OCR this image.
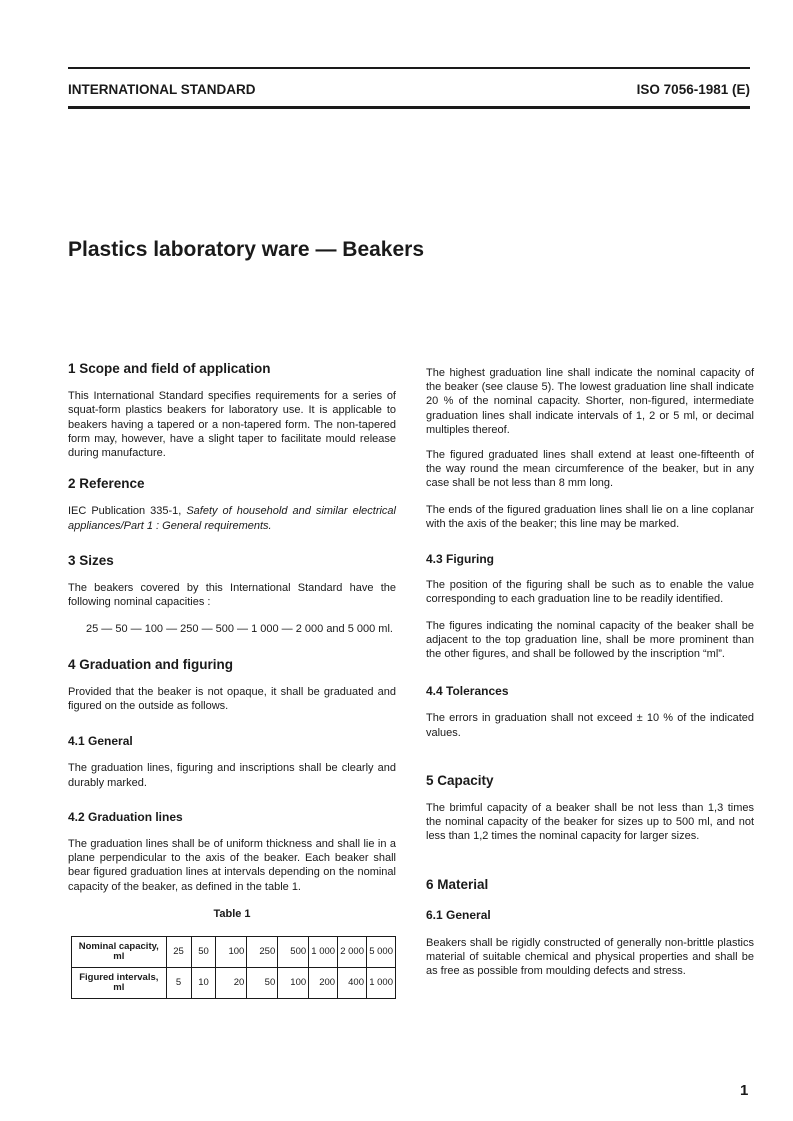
INTERNATIONAL STANDARD	ISO 7056-1981 (E)
Plastics laboratory ware — Beakers
1 Scope and field of application

This International Standard specifies requirements for a series of squat-form plastics beakers for laboratory use. It is applicable to beakers having a tapered or a non-tapered form. The non-tapered form may, however, have a slight taper to facilitate mould release during manufacture.

2 Reference

IEC Publication 335-1, Safety of household and similar electrical appliances/Part 1 : General requirements.

3 Sizes

The beakers covered by this International Standard have the following nominal capacities :

25 — 50 — 100 — 250 — 500 — 1 000 — 2 000 and 5 000 ml.

4 Graduation and figuring

Provided that the beaker is not opaque, it shall be graduated and figured on the outside as follows.

4.1 General

The graduation lines, figuring and inscriptions shall be clearly and durably marked.

4.2 Graduation lines

The graduation lines shall be of uniform thickness and shall lie in a plane perpendicular to the axis of the beaker. Each beaker shall bear figured graduation lines at intervals depending on the nominal capacity of the beaker, as defined in the table 1.

Table 1
Nominal capacity, ml	25	50	100	250	500	1 000	2 000	5 000
Figured intervals, ml	5	10	20	50	100	200	400	1 000

The highest graduation line shall indicate the nominal capacity of the beaker (see clause 5). The lowest graduation line shall indicate 20 % of the nominal capacity. Shorter, non-figured, intermediate graduation lines shall indicate intervals of 1, 2 or 5 ml, or decimal multiples thereof.

The figured graduated lines shall extend at least one-fifteenth of the way round the mean circumference of the beaker, but in any case shall be not less than 8 mm long.

The ends of the figured graduation lines shall lie on a line coplanar with the axis of the beaker; this line may be marked.

4.3 Figuring

The position of the figuring shall be such as to enable the value corresponding to each graduation line to be readily identified.

The figures indicating the nominal capacity of the beaker shall be adjacent to the top graduation line, shall be more prominent than the other figures, and shall be followed by the inscription “ml”.

4.4 Tolerances

The errors in graduation shall not exceed ± 10 % of the indicated values.

5 Capacity

The brimful capacity of a beaker shall be not less than 1,3 times the nominal capacity of the beaker for sizes up to 500 ml, and not less than 1,2 times the nominal capacity for larger sizes.

6 Material
6.1 General

Beakers shall be rigidly constructed of generally non-brittle plastics material of suitable chemical and physical properties and shall be as free as possible from moulding defects and stress.

1
